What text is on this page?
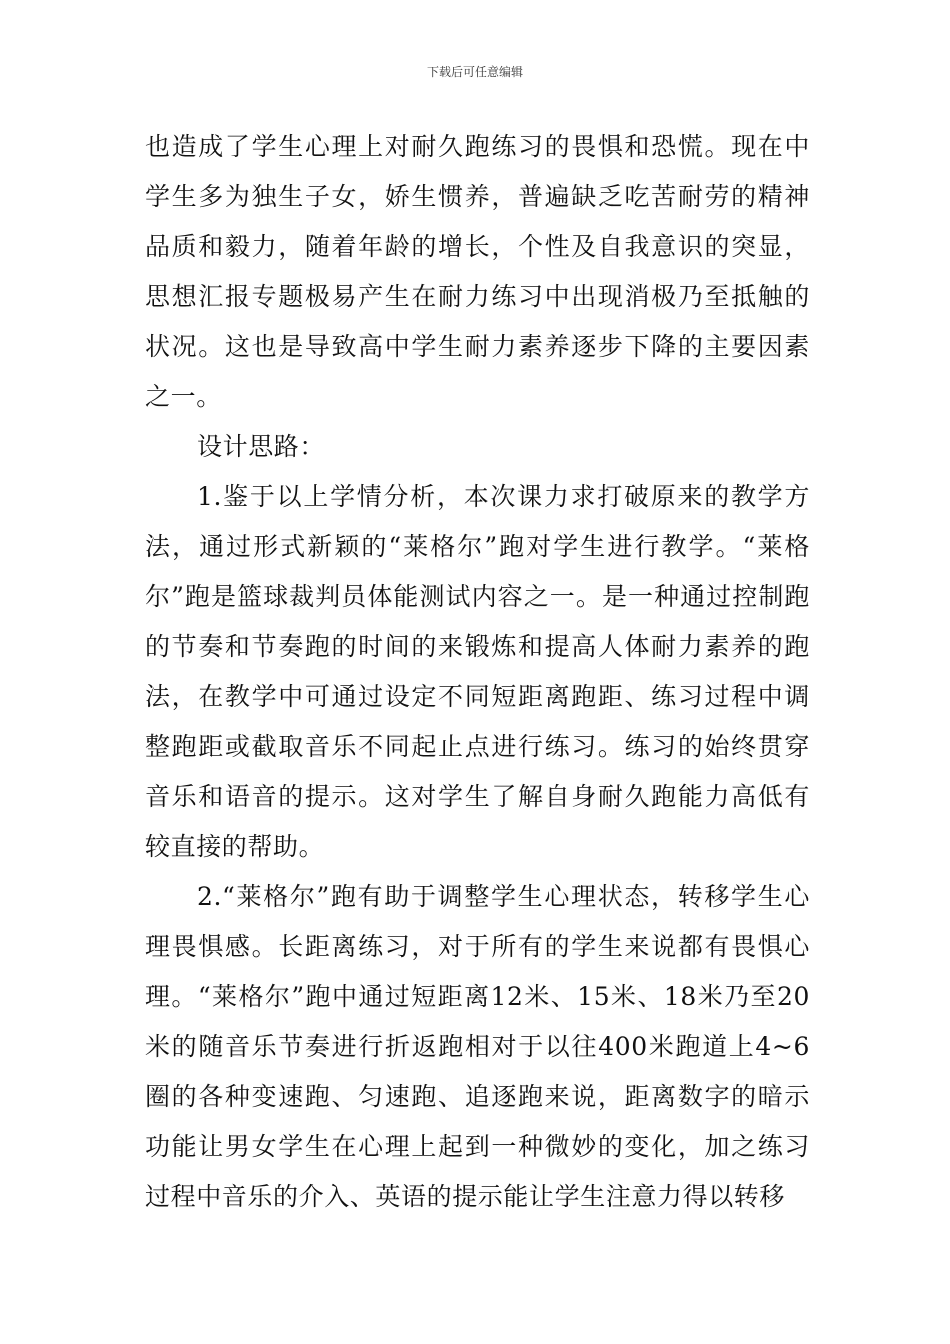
下载后可任意编辑

也造成了学生心理上对耐久跑练习的畏惧和恐慌。现在中学生多为独生子女，娇生惯养，普遍缺乏吃苦耐劳的精神品质和毅力，随着年龄的增长，个性及自我意识的突显，思想汇报专题极易产生在耐力练习中出现消极乃至抵触的状况。这也是导致高中学生耐力素养逐步下降的主要因素之一。

设计思路：

1.鉴于以上学情分析，本次课力求打破原来的教学方法，通过形式新颖的“莱格尔”跑对学生进行教学。“莱格尔”跑是篮球裁判员体能测试内容之一。是一种通过控制跑的节奏和节奏跑的时间的来锻炼和提高人体耐力素养的跑法，在教学中可通过设定不同短距离跑距、练习过程中调整跑距或截取音乐不同起止点进行练习。练习的始终贯穿音乐和语音的提示。这对学生了解自身耐久跑能力高低有较直接的帮助。

2.“莱格尔”跑有助于调整学生心理状态，转移学生心理畏惧感。长距离练习，对于所有的学生来说都有畏惧心理。“莱格尔”跑中通过短距离12米、15米、18米乃至20米的随音乐节奏进行折返跑相对于以往400米跑道上4~6圈的各种变速跑、匀速跑、追逐跑来说，距离数字的暗示功能让男女学生在心理上起到一种微妙的变化，加之练习过程中音乐的介入、英语的提示能让学生注意力得以转移
